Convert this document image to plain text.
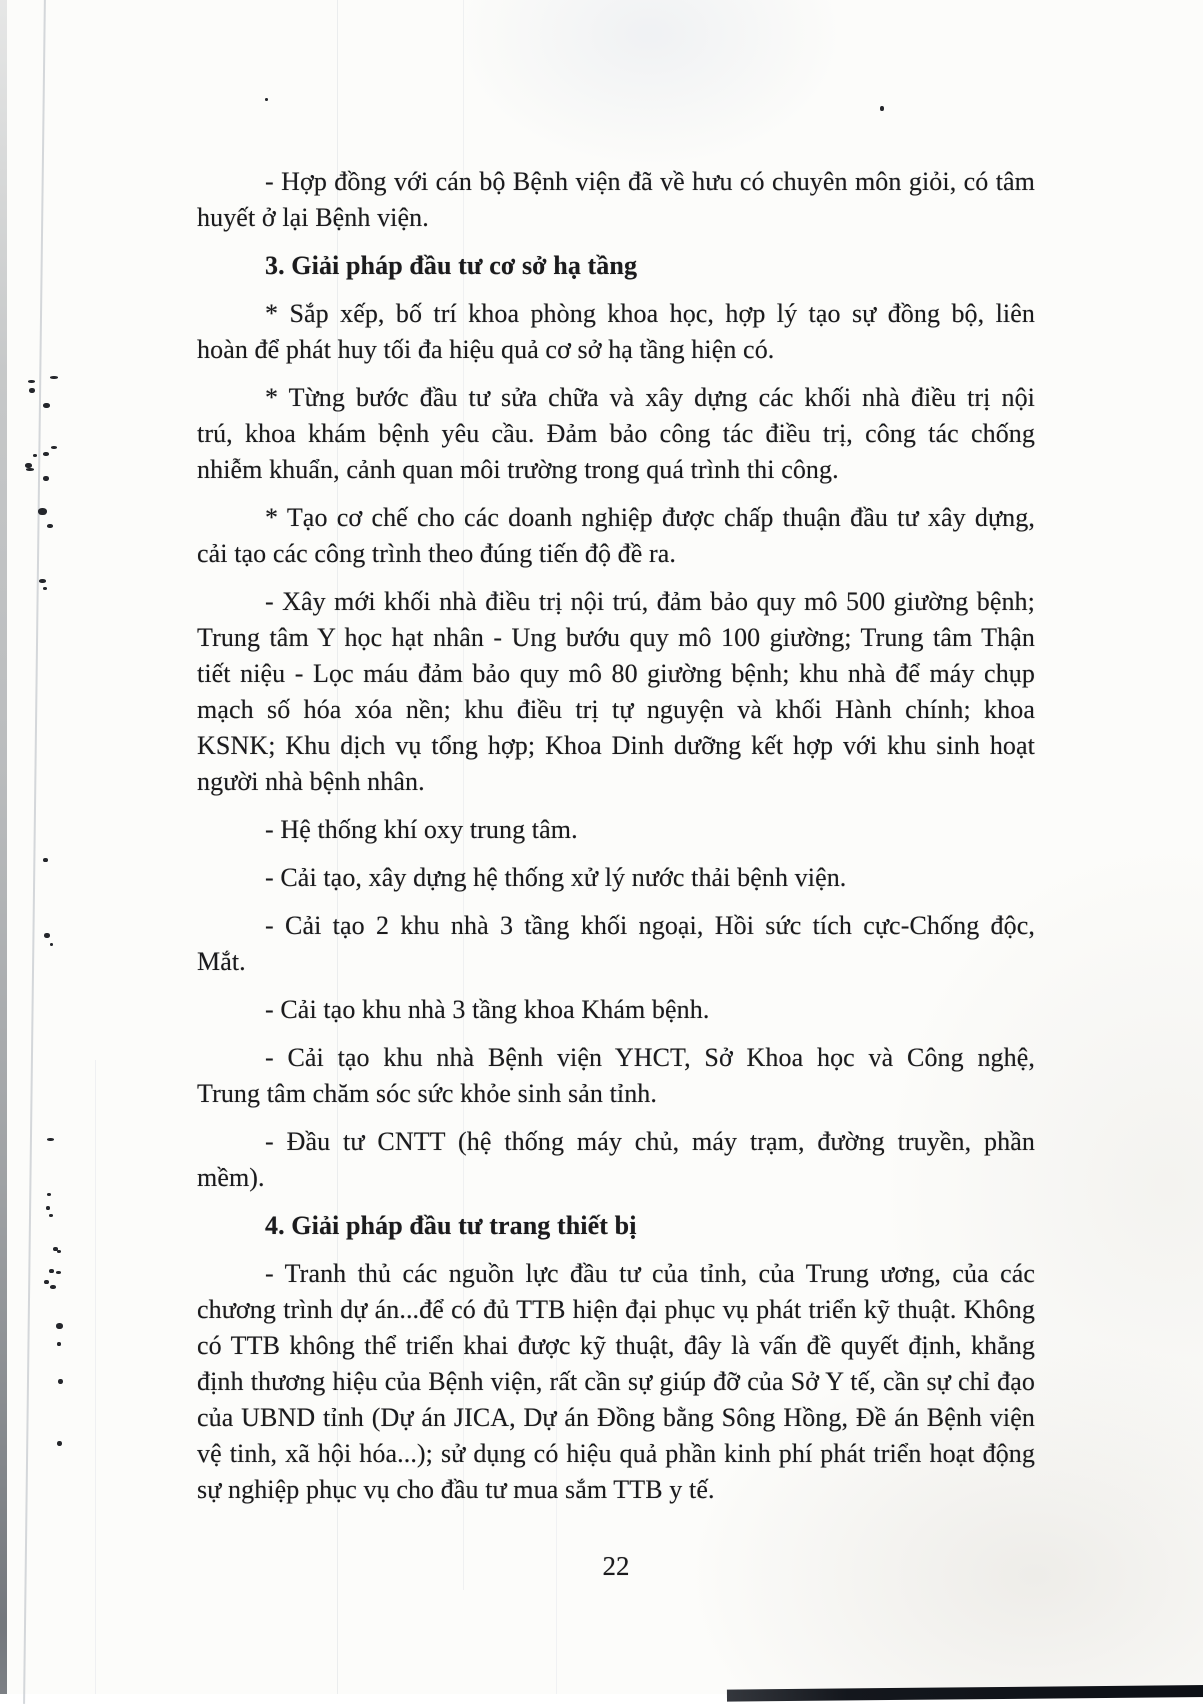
- Hợp đồng với cán bộ Bệnh viện đã về hưu có chuyên môn giỏi, có tâm
huyết ở lại Bệnh viện.
3. Giải pháp đầu tư cơ sở hạ tầng
* Sắp xếp, bố trí khoa phòng khoa học, hợp lý tạo sự đồng bộ, liên
hoàn để phát huy tối đa hiệu quả cơ sở hạ tầng hiện có.
* Từng bước đầu tư sửa chữa và xây dựng các khối nhà điều trị nội
trú, khoa khám bệnh yêu cầu. Đảm bảo công tác điều trị, công tác chống
nhiễm khuẩn, cảnh quan môi trường trong quá trình thi công.
* Tạo cơ chế cho các doanh nghiệp được chấp thuận đầu tư xây dựng,
cải tạo các công trình theo đúng tiến độ đề ra.
- Xây mới khối nhà điều trị nội trú, đảm bảo quy mô 500 giường bệnh;
Trung tâm Y học hạt nhân - Ung bướu quy mô 100 giường; Trung tâm Thận
tiết niệu - Lọc máu đảm bảo quy mô 80 giường bệnh; khu nhà để máy chụp
mạch số hóa xóa nền; khu điều trị tự nguyện và khối Hành chính; khoa
KSNK; Khu dịch vụ tổng hợp; Khoa Dinh dưỡng kết hợp với khu sinh hoạt
người nhà bệnh nhân.
- Hệ thống khí oxy trung tâm.
- Cải tạo, xây dựng hệ thống xử lý nước thải bệnh viện.
- Cải tạo 2 khu nhà 3 tầng khối ngoại, Hồi sức tích cực-Chống độc,
Mắt.
- Cải tạo khu nhà 3 tầng khoa Khám bệnh.
- Cải tạo khu nhà Bệnh viện YHCT, Sở Khoa học và Công nghệ,
Trung tâm chăm sóc sức khỏe sinh sản tỉnh.
- Đầu tư CNTT (hệ thống máy chủ, máy trạm, đường truyền, phần
mềm).
4. Giải pháp đầu tư trang thiết bị
- Tranh thủ các nguồn lực đầu tư của tỉnh, của Trung ương, của các
chương trình dự án...để có đủ TTB hiện đại phục vụ phát triển kỹ thuật. Không
có TTB không thể triển khai được kỹ thuật, đây là vấn đề quyết định, khẳng
định thương hiệu của Bệnh viện, rất cần sự giúp đỡ của Sở Y tế, cần sự chỉ đạo
của UBND tỉnh (Dự án JICA, Dự án Đồng bằng Sông Hồng, Đề án Bệnh viện
vệ tinh, xã hội hóa...); sử dụng có hiệu quả phần kinh phí phát triển hoạt động
sự nghiệp phục vụ cho đầu tư mua sắm TTB y tế.
22
